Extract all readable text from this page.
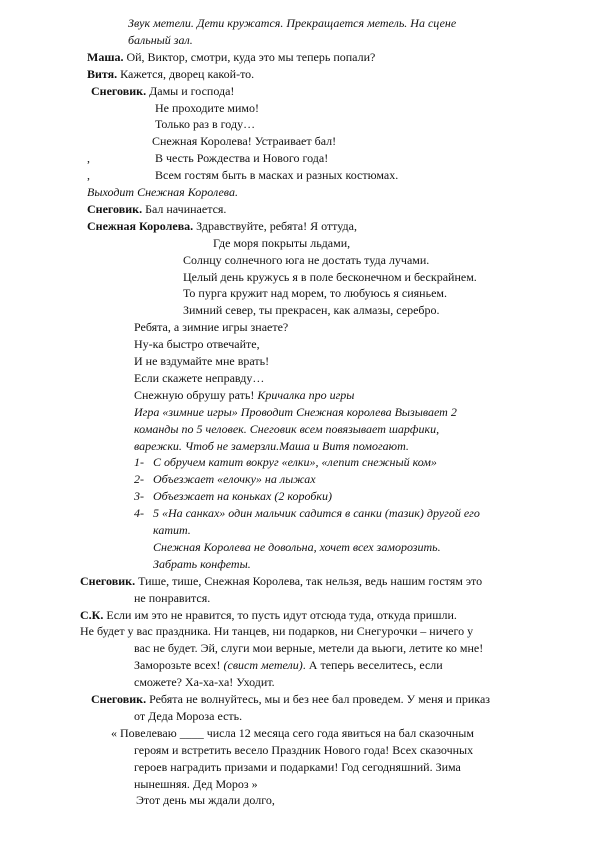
Звук метели. Дети кружатся. Прекращается метель. На сцене
бальный зал.
Маша. Ой, Виктор, смотри, куда это мы теперь попали?
Витя. Кажется, дворец какой-то.
Снеговик. Дамы и господа!
Не проходите мимо!
Только раз в году…
Снежная Королева! Устраивает бал!
,	В честь Рождества и Нового года!
,	Всем гостям быть в масках и разных костюмах.
Выходит Снежная Королева.
Снеговик. Бал начинается.
Снежная Королева. Здравствуйте, ребята! Я оттуда,
Где моря покрыты льдами,
Солнцу солнечного юга не достать туда лучами.
Целый день кружусь я в поле бесконечном и бескрайнем.
То пурга кружит над морем, то любуюсь я сияньем.
Зимний север, ты прекрасен, как алмазы, серебро.
Ребята, а зимние игры знаете?
Ну-ка быстро отвечайте,
И не вздумайте мне врать!
Если скажете неправду…
Снежную обрушу рать! Кричалка про игры
Игра «зимние игры» Проводит Снежная королева Вызывает 2
команды по 5 человек. Снеговик всем повязывает шарфики,
варежки. Чтоб не замерзли.Маша и Витя помогают.
1- С обручем катит вокруг «елки», «лепит снежный ком»
2- Объезжает «елочку» на лыжах
3- Объезжает на коньках (2 коробки)
4- 5 «На санках» один мальчик садится в санки (тазик) другой его
катит.
Снежная Королева не довольна, хочет всех заморозить.
Забрать конфеты.
Снеговик. Тише, тише, Снежная Королева, так нельзя, ведь нашим гостям это
не понравится.
С.К. Если им это не нравится, то пусть идут отсюда туда, откуда пришли.
Не будет у вас праздника. Ни танцев, ни подарков, ни Снегурочки – ничего у
вас не будет. Эй, слуги мои верные, метели да вьюги, летите ко мне!
Заморозьте всех! (свист метели). А теперь веселитесь, если
сможете? Ха-ха-ха! Уходит.
Снеговик. Ребята не волнуйтесь, мы и без нее бал проведем. У меня и приказ
от Деда Мороза есть.
« Повелеваю ____ числа 12 месяца сего года явиться на бал сказочным
героям и встретить весело Праздник Нового года! Всех сказочных
героев наградить призами и подарками! Год сегодняшний. Зима
нынешняя. Дед Мороз »
Этот день мы ждали долго,
